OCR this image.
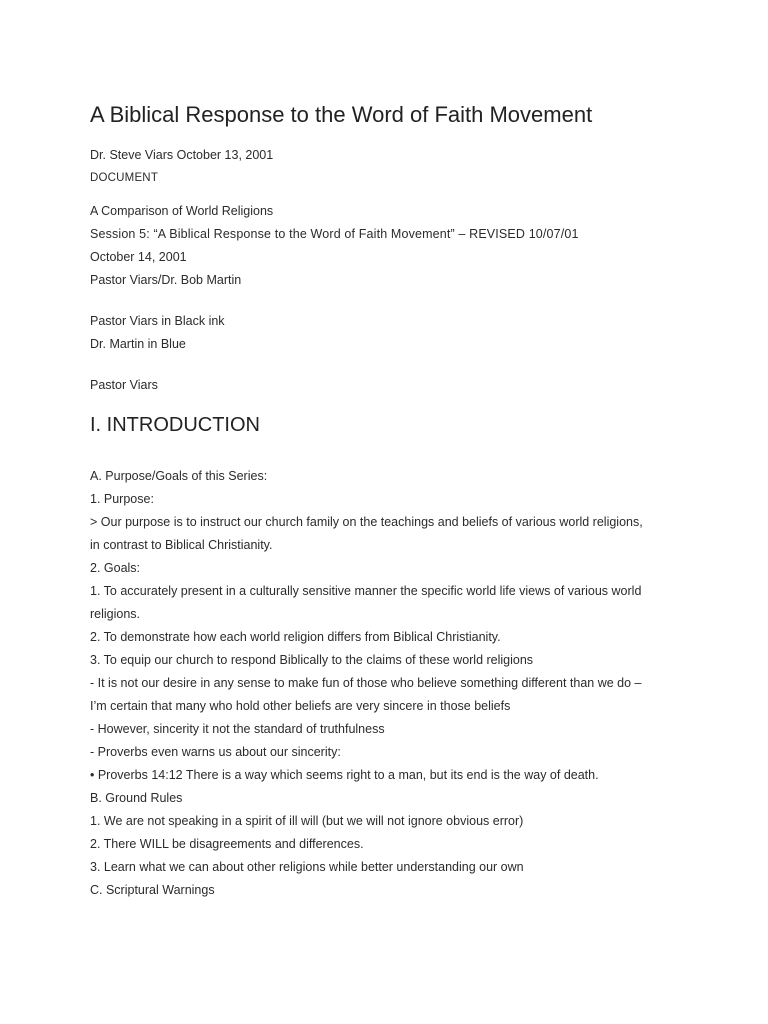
A Biblical Response to the Word of Faith Movement

Dr. Steve Viars October 13, 2001

DOCUMENT

A Comparison of World Religions

Session 5: “A Biblical Response to the Word of Faith Movement” – REVISED 10/07/01

October 14, 2001

Pastor Viars/Dr. Bob Martin

Pastor Viars in Black ink

Dr. Martin in Blue

Pastor Viars

I. INTRODUCTION

A. Purpose/Goals of this Series:

1. Purpose:

> Our purpose is to instruct our church family on the teachings and beliefs of various world religions,

in contrast to Biblical Christianity.

2. Goals:

1. To accurately present in a culturally sensitive manner the specific world life views of various world

religions.

2. To demonstrate how each world religion differs from Biblical Christianity.

3. To equip our church to respond Biblically to the claims of these world religions

- It is not our desire in any sense to make fun of those who believe something different than we do –

I’m certain that many who hold other beliefs are very sincere in those beliefs

- However, sincerity it not the standard of truthfulness

- Proverbs even warns us about our sincerity:

• Proverbs 14:12 There is a way which seems right to a man, but its end is the way of death.

B. Ground Rules

1. We are not speaking in a spirit of ill will (but we will not ignore obvious error)

2. There WILL be disagreements and differences.

3. Learn what we can about other religions while better understanding our own

C. Scriptural Warnings
